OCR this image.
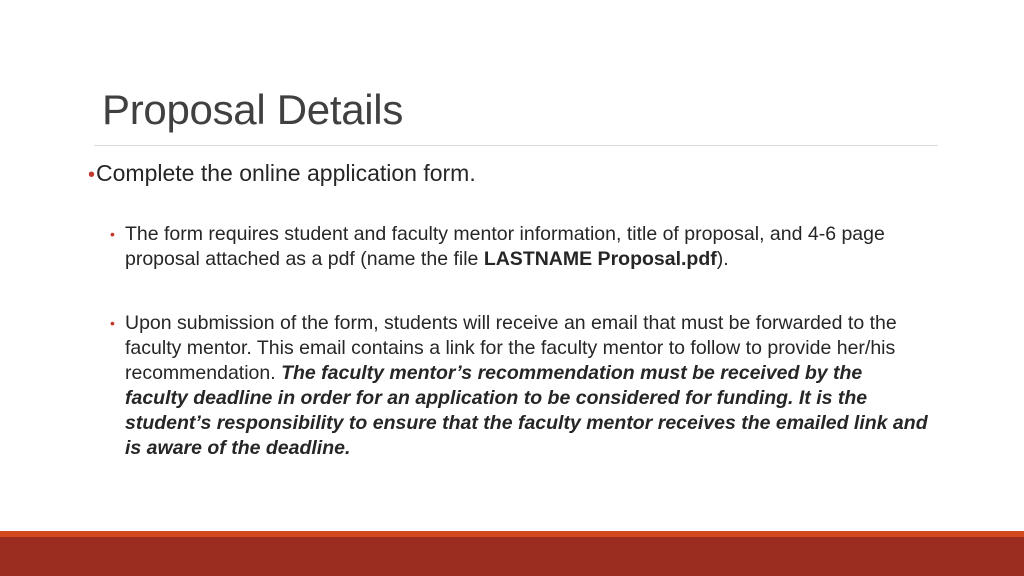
Proposal Details
•Complete the online application form.
• The form requires student and faculty mentor information, title of proposal, and 4-6 page proposal attached as a pdf (name the file LASTNAME Proposal.pdf).
• Upon submission of the form, students will receive an email that must be forwarded to the faculty mentor. This email contains a link for the faculty mentor to follow to provide her/his recommendation. The faculty mentor’s recommendation must be received by the faculty deadline in order for an application to be considered for funding. It is the student’s responsibility to ensure that the faculty mentor receives the emailed link and is aware of the deadline.
